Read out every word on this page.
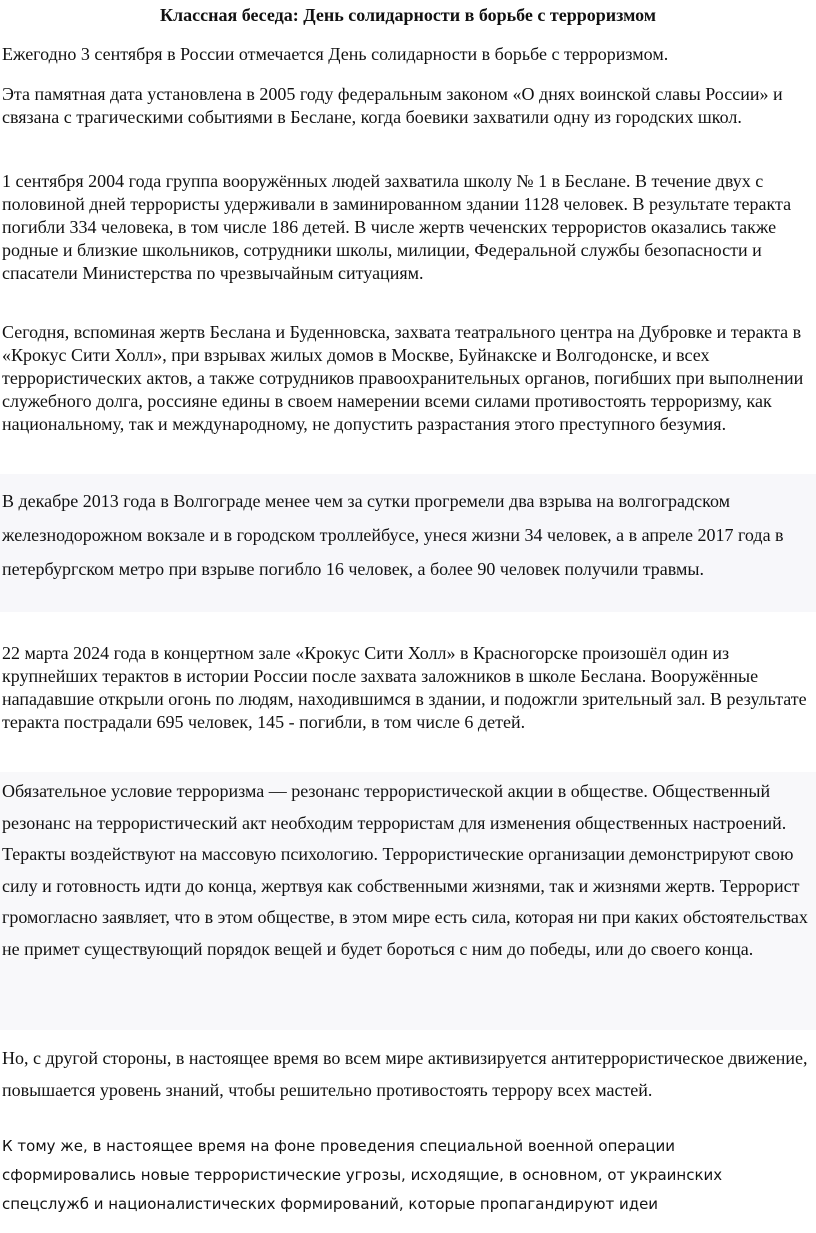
Классная беседа: День солидарности в борьбе с терроризмом

Ежегодно 3 сентября в России отмечается День солидарности в борьбе с терроризмом.

Эта памятная дата установлена в 2005 году федеральным законом «О днях воинской славы России» и связана с трагическими событиями в Беслане, когда боевики захватили одну из городских школ.

1 сентября 2004 года группа вооружённых людей захватила школу № 1 в Беслане. В течение двух с половиной дней террористы удерживали в заминированном здании 1128 человек. В результате теракта погибли 334 человека, в том числе 186 детей. В числе жертв чеченских террористов оказались также родные и близкие школьников, сотрудники школы, милиции, Федеральной службы безопасности и спасатели Министерства по чрезвычайным ситуациям.

Сегодня, вспоминая жертв Беслана и Буденновска, захвата театрального центра на Дубровке и теракта в «Крокус Сити Холл», при взрывах жилых домов в Москве, Буйнакске и Волгодонске, и всех террористических актов, а также сотрудников правоохранительных органов, погибших при выполнении служебного долга, россияне едины в своем намерении всеми силами противостоять терроризму, как национальному, так и международному, не допустить разрастания этого преступного безумия.

В декабре 2013 года в Волгограде менее чем за сутки прогремели два взрыва на волгоградском железнодорожном вокзале и в городском троллейбусе, унеся жизни 34 человек, а в апреле 2017 года в петербургском метро при взрыве погибло 16 человек, а более 90 человек получили травмы.

22 марта 2024 года в концертном зале «Крокус Сити Холл» в Красногорске произошёл один из крупнейших терактов в истории России после захвата заложников в школе Беслана. Вооружённые нападавшие открыли огонь по людям, находившимся в здании, и подожгли зрительный зал. В результате теракта пострадали 695 человек, 145 - погибли, в том числе 6 детей.

Обязательное условие терроризма — резонанс террористической акции в обществе. Общественный резонанс на террористический акт необходим террористам для изменения общественных настроений. Теракты воздействуют на массовую психологию. Террористические организации демонстрируют свою силу и готовность идти до конца, жертвуя как собственными жизнями, так и жизнями жертв. Террорист громогласно заявляет, что в этом обществе, в этом мире есть сила, которая ни при каких обстоятельствах не примет существующий порядок вещей и будет бороться с ним до победы, или до своего конца.

Но, с другой стороны, в настоящее время во всем мире активизируется антитеррористическое движение, повышается уровень знаний, чтобы решительно противостоять террору всех мастей.

К тому же, в настоящее время на фоне проведения специальной военной операции сформировались новые террористические угрозы, исходящие, в основном, от украинских спецслужб и националистических формирований, которые пропагандируют идеи
